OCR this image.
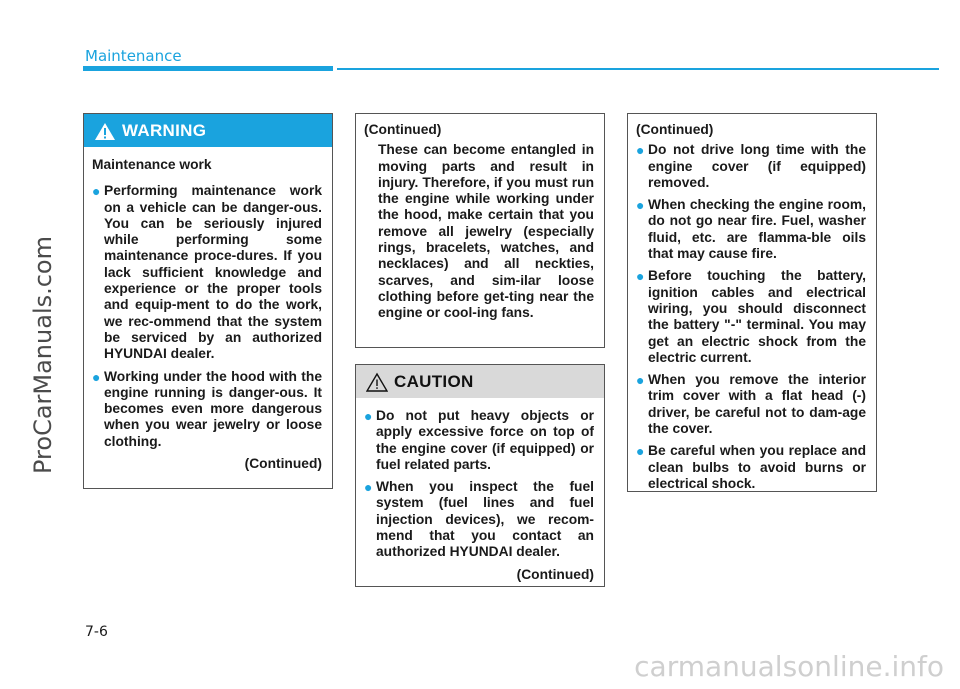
Maintenance
ProCarManuals.com
WARNING
Maintenance work
● Performing maintenance work on a vehicle can be danger-ous. You can be seriously injured while performing some maintenance proce-dures. If you lack sufficient knowledge and experience or the proper tools and equip-ment to do the work, we rec-ommend that the system be serviced by an authorized HYUNDAI dealer.
● Working under the hood with the engine running is danger-ous. It becomes even more dangerous when you wear jewelry or loose clothing.
(Continued)
(Continued)
These can become entangled in moving parts and result in injury. Therefore, if you must run the engine while working under the hood, make certain that you remove all jewelry (especially rings, bracelets, watches, and necklaces) and all neckties, scarves, and sim-ilar loose clothing before get-ting near the engine or cool-ing fans.
CAUTION
● Do not put heavy objects or apply excessive force on top of the engine cover (if equipped) or fuel related parts.
● When you inspect the fuel system (fuel lines and fuel injection devices), we recom-mend that you contact an authorized HYUNDAI dealer.
(Continued)
(Continued)
● Do not drive long time with the engine cover (if equipped) removed.
● When checking the engine room, do not go near fire. Fuel, washer fluid, etc. are flamma-ble oils that may cause fire.
● Before touching the battery, ignition cables and electrical wiring, you should disconnect the battery "-" terminal. You may get an electric shock from the electric current.
● When you remove the interior trim cover with a flat head (-) driver, be careful not to dam-age the cover.
● Be careful when you replace and clean bulbs to avoid burns or electrical shock.
7-6
carmanualsonline.info
